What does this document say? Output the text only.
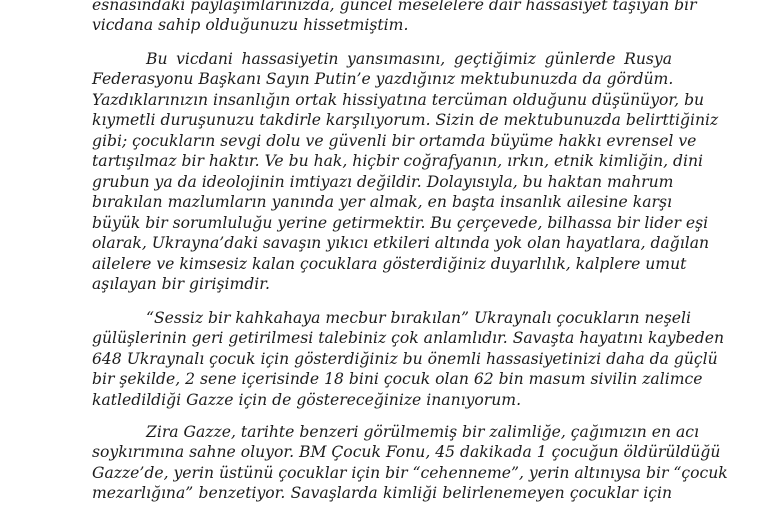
esnasındaki paylaşımlarınızda, güncel meselelere dair hassasiyet taşıyan bir

vicdana sahip olduğunuzu hissetmiştim.

Bu vicdani hassasiyetin yansımasını, geçtiğimiz günlerde Rusya

Federasyonu Başkanı Sayın Putin’e yazdığınız mektubunuzda da gördüm.

Yazdıklarınızın insanlığın ortak hissiyatına tercüman olduğunu düşünüyor, bu

kıymetli duruşunuzu takdirle karşılıyorum. Sizin de mektubunuzda belirttiğiniz

gibi; çocukların sevgi dolu ve güvenli bir ortamda büyüme hakkı evrensel ve

tartışılmaz bir haktır. Ve bu hak, hiçbir coğrafyanın, ırkın, etnik kimliğin, dini

grubun ya da ideolojinin imtiyazı değildir. Dolayısıyla, bu haktan mahrum

bırakılan mazlumların yanında yer almak, en başta insanlık ailesine karşı

büyük bir sorumluluğu yerine getirmektir. Bu çerçevede, bilhassa bir lider eşi

olarak, Ukrayna’daki savaşın yıkıcı etkileri altında yok olan hayatlara, dağılan

ailelere ve kimsesiz kalan çocuklara gösterdiğiniz duyarlılık, kalplere umut

aşılayan bir girişimdir.

“Sessiz bir kahkahaya mecbur bırakılan” Ukraynalı çocukların neşeli

gülüşlerinin geri getirilmesi talebiniz çok anlamlıdır. Savaşta hayatını kaybeden

648 Ukraynalı çocuk için gösterdiğiniz bu önemli hassasiyetinizi daha da güçlü

bir şekilde, 2 sene içerisinde 18 bini çocuk olan 62 bin masum sivilin zalimce

katledildiği Gazze için de göstereceğinize inanıyorum.

Zira Gazze, tarihte benzeri görülmemiş bir zalimliğe, çağımızın en acı

soykırımına sahne oluyor. BM Çocuk Fonu, 45 dakikada 1 çocuğun öldürüldüğü

Gazze’de, yerin üstünü çocuklar için bir “cehenneme”, yerin altınıysa bir “çocuk

mezarlığına” benzetiyor. Savaşlarda kimliği belirlenemeyen çocuklar için
